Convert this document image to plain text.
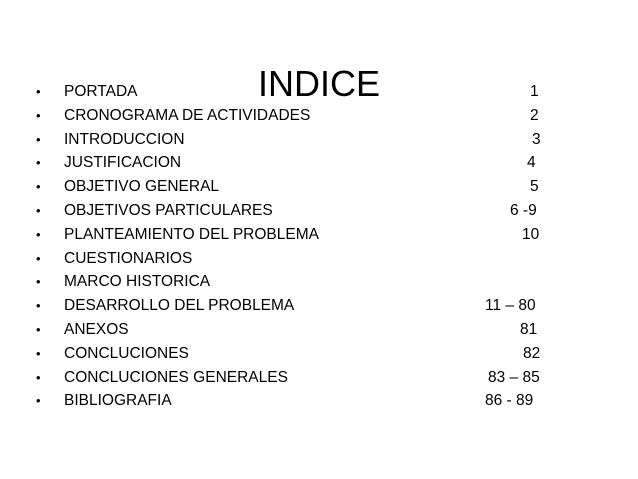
INDICE
• PORTADA	1
• CRONOGRAMA DE ACTIVIDADES	2
• INTRODUCCION	3
• JUSTIFICACION	4
• OBJETIVO GENERAL	5
• OBJETIVOS PARTICULARES	6 -9
• PLANTEAMIENTO DEL PROBLEMA	10
• CUESTIONARIOS
• MARCO HISTORICA
• DESARROLLO DEL PROBLEMA	11 – 80
• ANEXOS	81
• CONCLUCIONES	82
• CONCLUCIONES GENERALES	83 – 85
• BIBLIOGRAFIA	86 - 89
